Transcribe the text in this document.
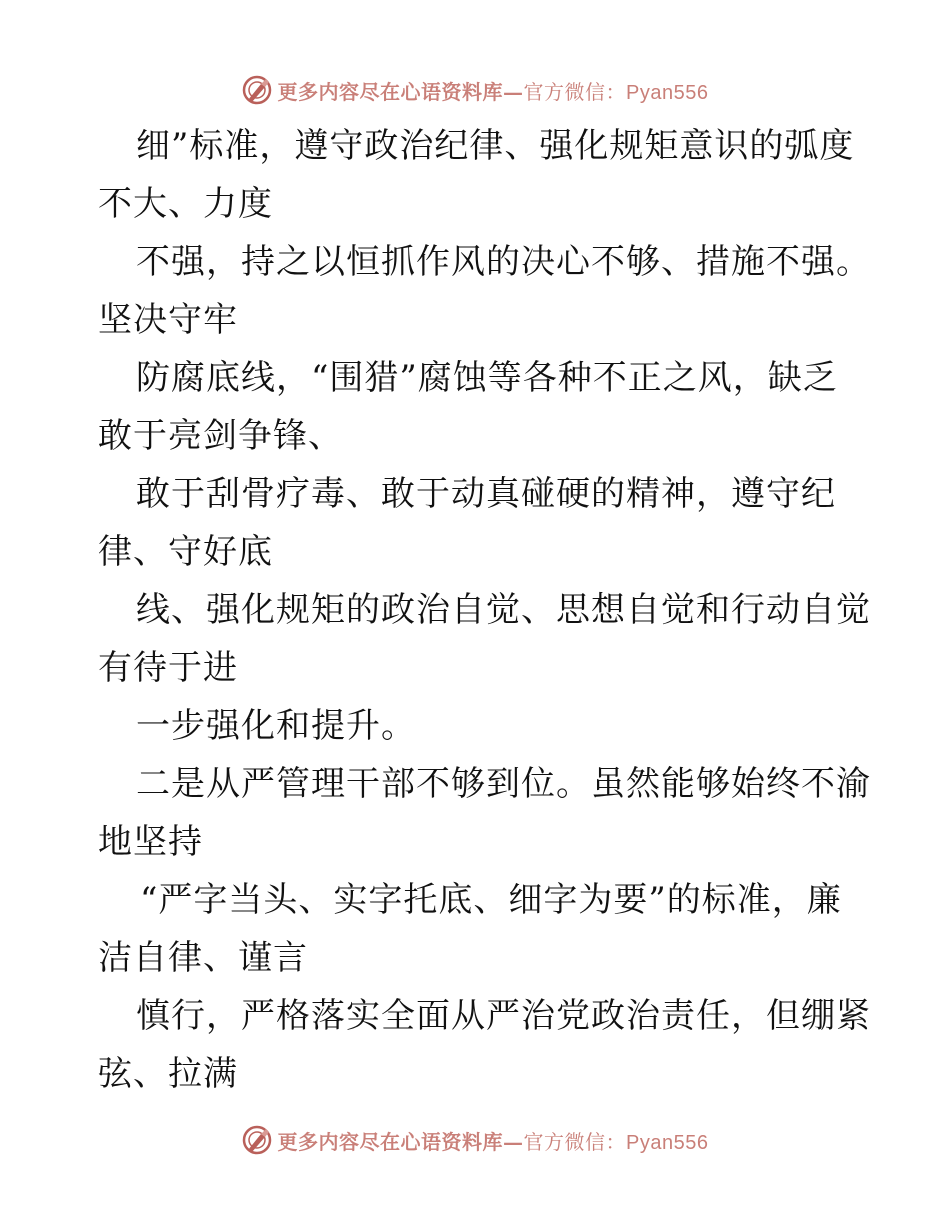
更多内容尽在心语资料库—官方微信：Pyan556
细”标准，遵守政治纪律、强化规矩意识的弧度
不大、力度
不强，持之以恒抓作风的决心不够、措施不强。
坚决守牢
防腐底线，“围猎”腐蚀等各种不正之风，缺乏
敢于亮剑争锋、
敢于刮骨疗毒、敢于动真碰硬的精神，遵守纪
律、守好底
线、强化规矩的政治自觉、思想自觉和行动自觉
有待于进
一步强化和提升。
二是从严管理干部不够到位。虽然能够始终不渝
地坚持
“严字当头、实字托底、细字为要”的标准，廉
洁自律、谨言
慎行，严格落实全面从严治党政治责任，但绷紧
弦、拉满
更多内容尽在心语资料库—官方微信：Pyan556
